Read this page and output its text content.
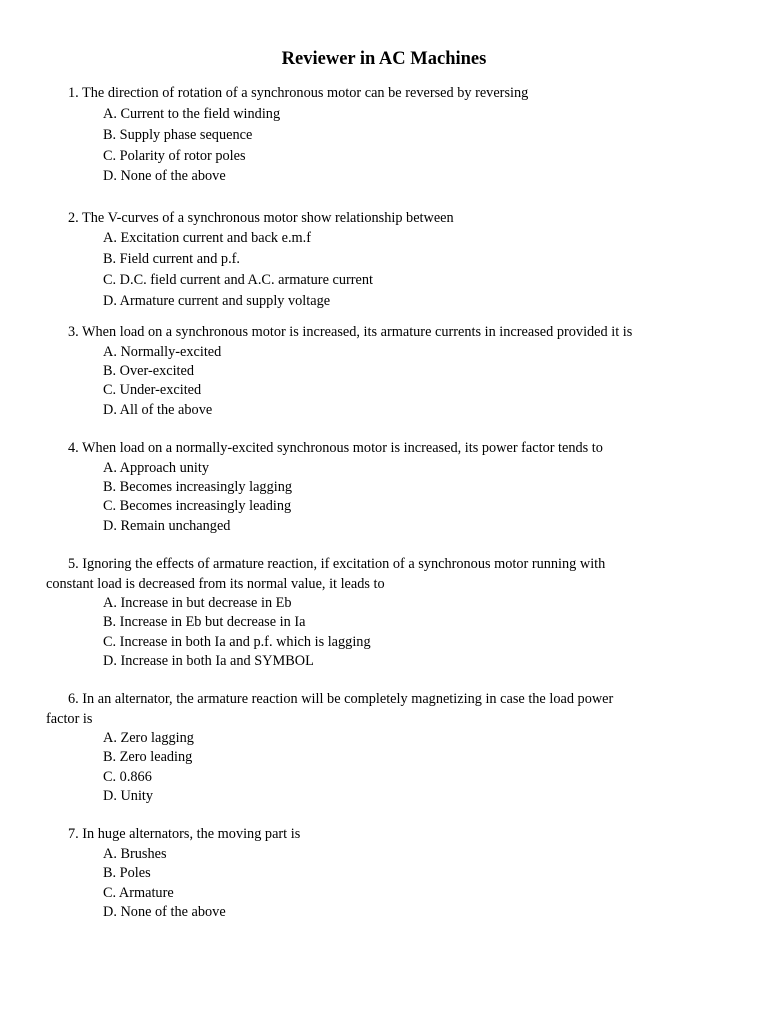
Reviewer in AC Machines
1. The direction of rotation of a synchronous motor can be reversed by reversing
A. Current to the field winding
B. Supply phase sequence
C. Polarity of rotor poles
D. None of the above
2. The V-curves of a synchronous motor show relationship between
A. Excitation current and back e.m.f
B. Field current and p.f.
C. D.C. field current and A.C. armature current
D. Armature current and supply voltage
3. When load on a synchronous motor is increased, its armature currents in increased provided it is
A. Normally-excited
B. Over-excited
C. Under-excited
D. All of the above
4. When load on a normally-excited synchronous motor is increased, its power factor tends to
A. Approach unity
B. Becomes increasingly lagging
C. Becomes increasingly leading
D. Remain unchanged
5. Ignoring the effects of armature reaction, if excitation of a synchronous motor running with
constant load is decreased from its normal value, it leads to
A. Increase in but decrease in Eb
B. Increase in Eb but decrease in Ia
C. Increase in both Ia and p.f. which is lagging
D. Increase in both Ia and SYMBOL
6. In an alternator, the armature reaction will be completely magnetizing in case the load power
factor is
A. Zero lagging
B. Zero leading
C. 0.866
D. Unity
7. In huge alternators, the moving part is
A. Brushes
B. Poles
C. Armature
D. None of the above
